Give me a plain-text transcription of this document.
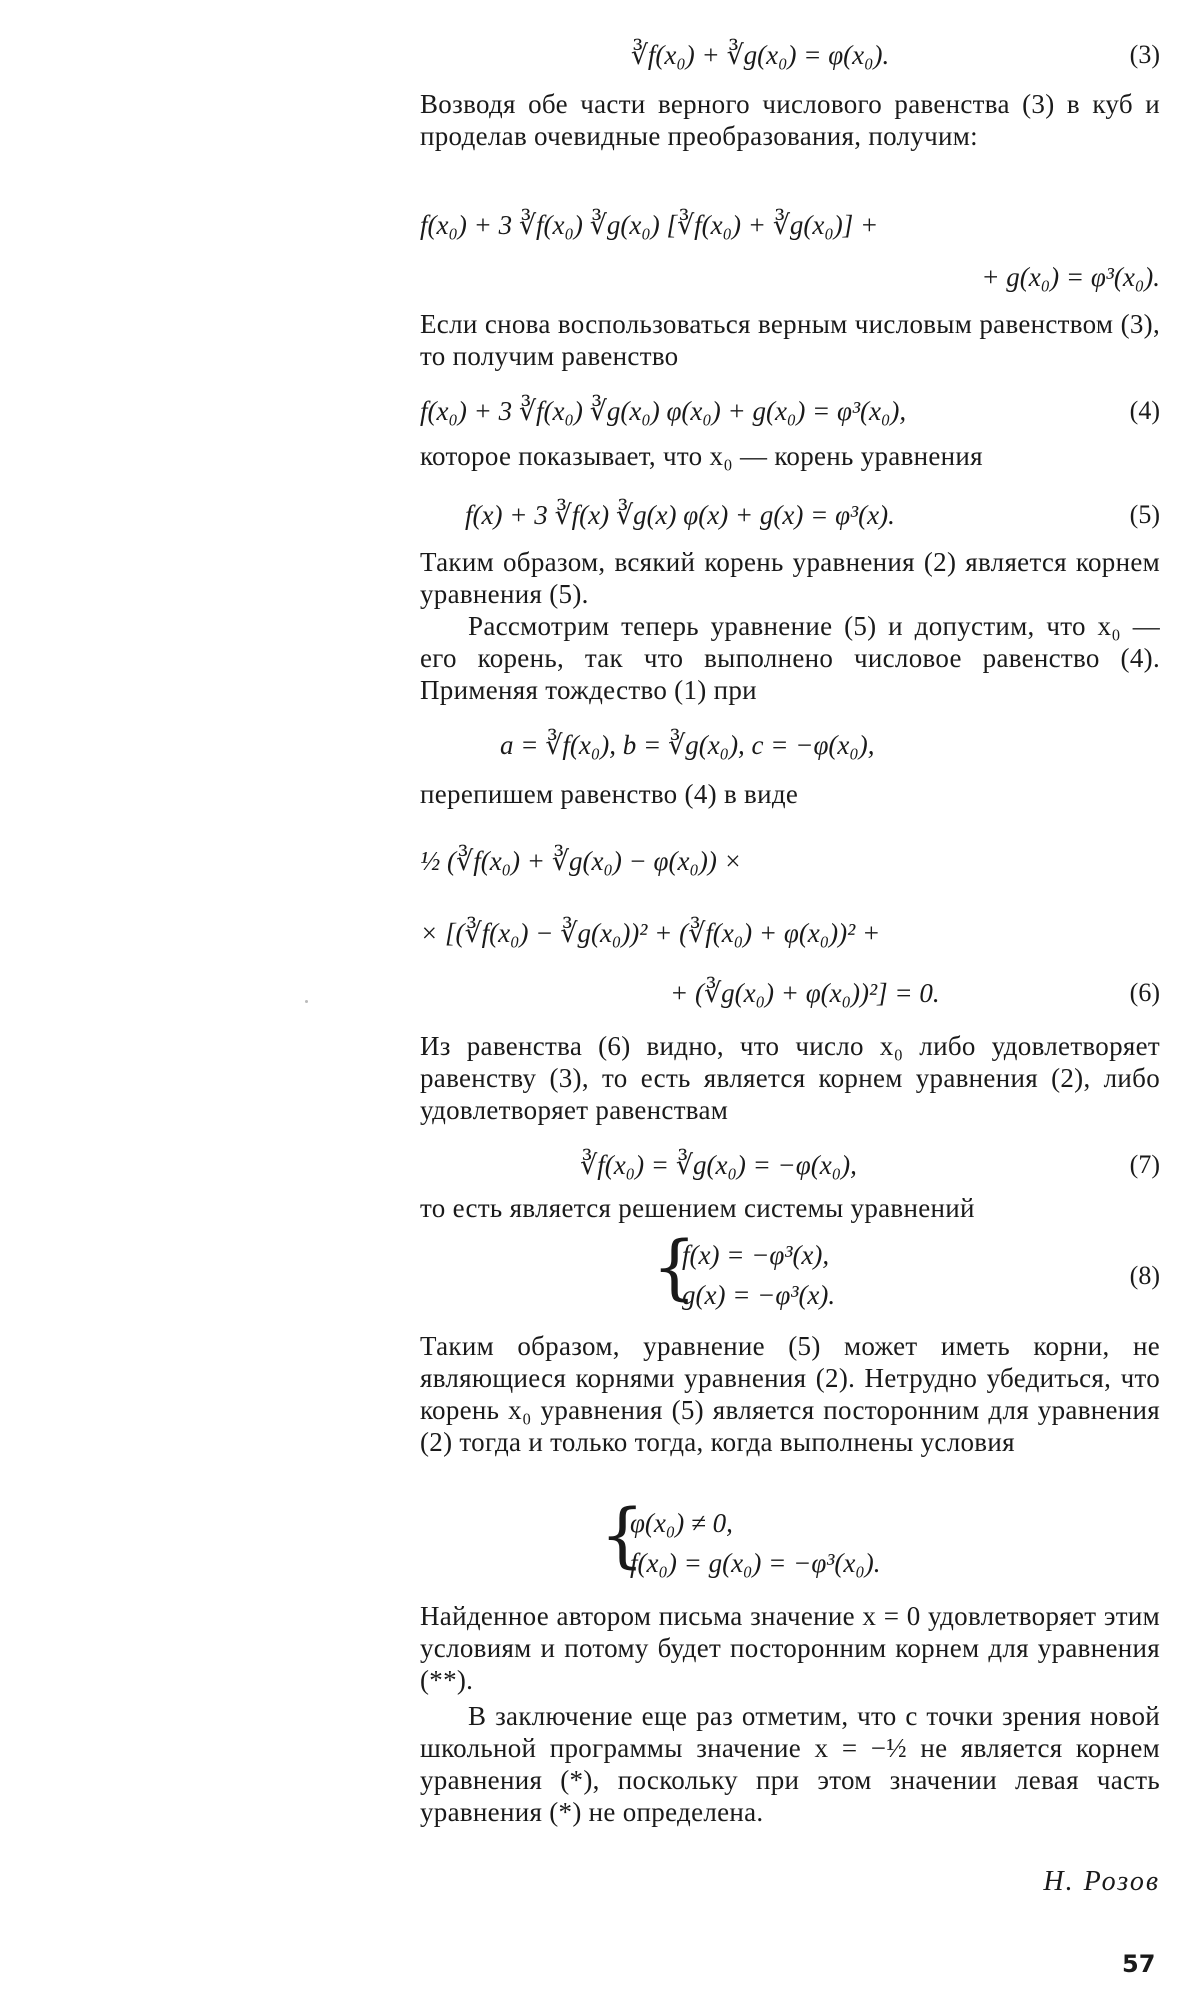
∛f(x₀) + ∛g(x₀) = φ(x₀).	(3)

Возводя обе части верного числового равенства (3) в куб и проделав очевидные преобразования, получим:

f(x₀) + 3 ∛f(x₀) ∛g(x₀) [∛f(x₀) + ∛g(x₀)] +
+ g(x₀) = φ³(x₀).

Если снова воспользоваться верным числовым равенством (3), то получим равенство

f(x₀) + 3 ∛f(x₀) ∛g(x₀) φ(x₀) + g(x₀) = φ³(x₀),	(4)

которое показывает, что x₀ — корень уравнения

f(x) + 3 ∛f(x) ∛g(x) φ(x) + g(x) = φ³(x).	(5)

Таким образом, всякий корень уравнения (2) является корнем уравнения (5).

Рассмотрим теперь уравнение (5) и допустим, что x₀ — его корень, так что выполнено числовое равенство (4). Применяя тождество (1) при

a = ∛f(x₀), b = ∛g(x₀), c = −φ(x₀),

перепишем равенство (4) в виде

½ (∛f(x₀) + ∛g(x₀) − φ(x₀)) ×
× [(∛f(x₀) − ∛g(x₀))² + (∛f(x₀) + φ(x₀))² +
+ (∛g(x₀) + φ(x₀))²] = 0.	(6)

Из равенства (6) видно, что число x₀ либо удовлетворяет равенству (3), то есть является корнем уравнения (2), либо удовлетворяет равенствам

∛f(x₀) = ∛g(x₀) = −φ(x₀),	(7)

то есть является решением системы уравнений

{
f(x) = −φ³(x),
g(x) = −φ³(x).
(8)

Таким образом, уравнение (5) может иметь корни, не являющиеся корнями уравнения (2). Нетрудно убедиться, что корень x₀ уравнения (5) является посторонним для уравнения (2) тогда и только тогда, когда выполнены условия

{
φ(x₀) ≠ 0,
f(x₀) = g(x₀) = −φ³(x₀).

Найденное автором письма значение x = 0 удовлетворяет этим условиям и потому будет посторонним корнем для уравнения (**).

В заключение еще раз отметим, что с точки зрения новой школьной программы значение x = −½ не является корнем уравнения (*), поскольку при этом значении левая часть уравнения (*) не определена.

Н. Розов
57
